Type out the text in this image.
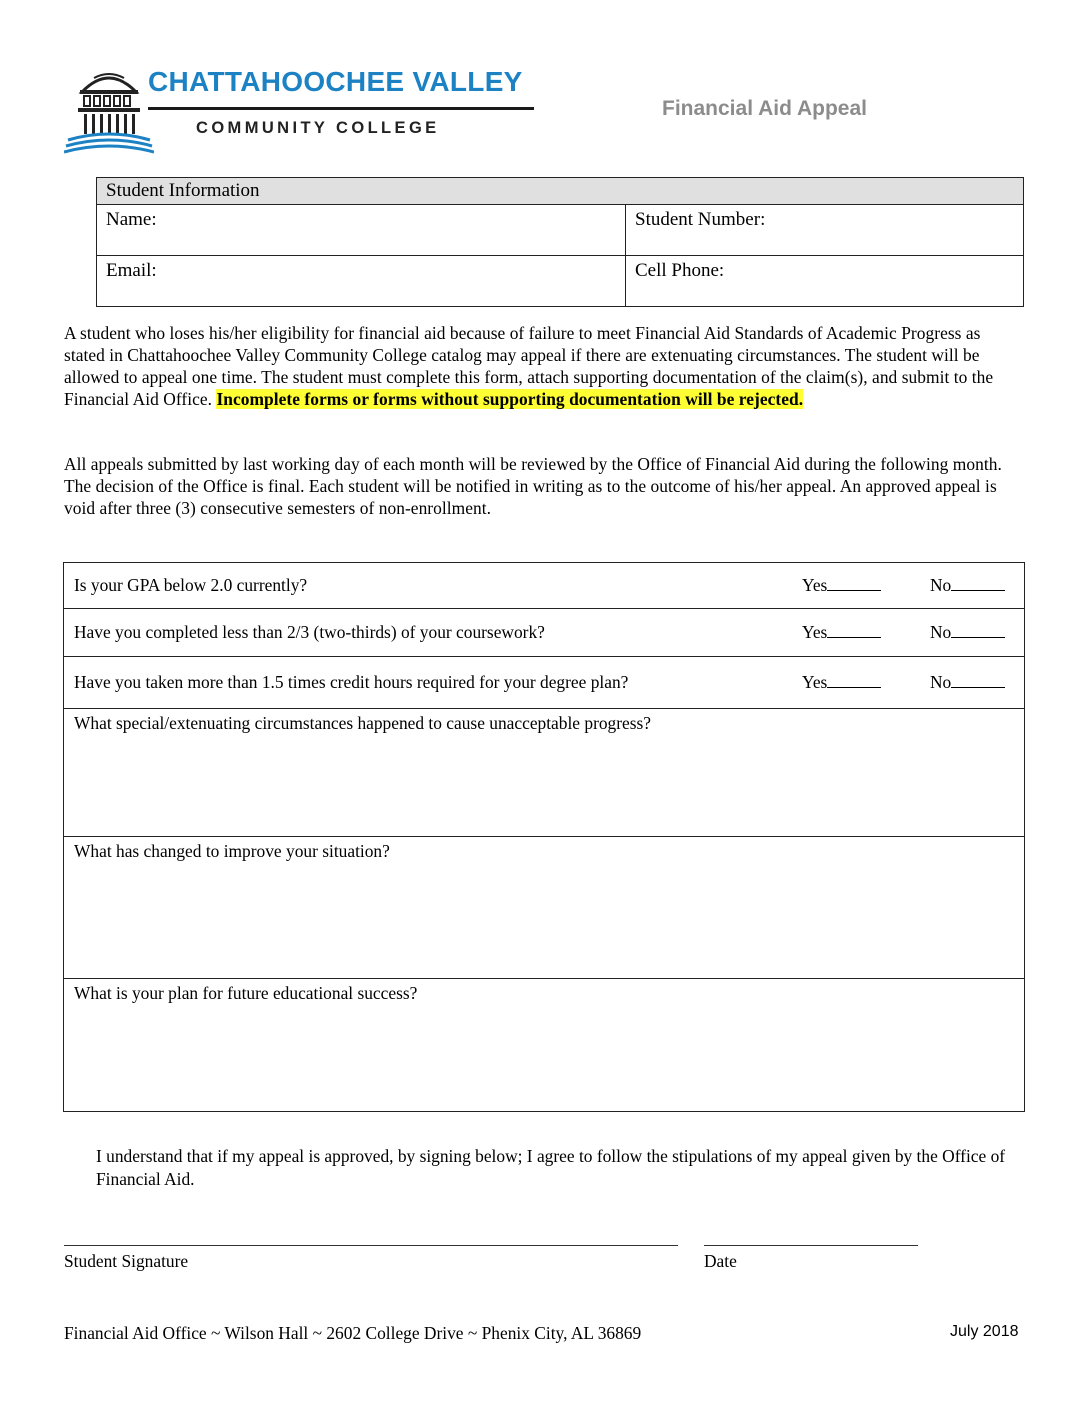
CHATTAHOOCHEE VALLEY
COMMUNITY COLLEGE
Financial Aid Appeal
Student Information	
Name:	Student Number:
Email:	Cell Phone:
A student who loses his/her eligibility for financial aid because of failure to meet Financial Aid Standards of Academic Progress as stated in Chattahoochee Valley Community College catalog may appeal if there are extenuating circumstances. The student will be allowed to appeal one time. The student must complete this form, attach supporting documentation of the claim(s), and submit to the Financial Aid Office. Incomplete forms or forms without supporting documentation will be rejected.
All appeals submitted by last working day of each month will be reviewed by the Office of Financial Aid during the following month. The decision of the Office is final. Each student will be notified in writing as to the outcome of his/her appeal. An approved appeal is void after three (3) consecutive semesters of non-enrollment.
Is your GPA below 2.0 currently?	Yes	No

Have you completed less than 2/3 (two-thirds) of your coursework?	Yes	No

Have you taken more than 1.5 times credit hours required for your degree plan?	Yes	No

What special/extenuating circumstances happened to cause unacceptable progress?
What has changed to improve your situation?
What is your plan for future educational success?
I understand that if my appeal is approved, by signing below; I agree to follow the stipulations of my appeal given by the Office of Financial Aid.
Student Signature	Date
Financial Aid Office ~ Wilson Hall ~ 2602 College Drive ~ Phenix City, AL 36869	July 2018
